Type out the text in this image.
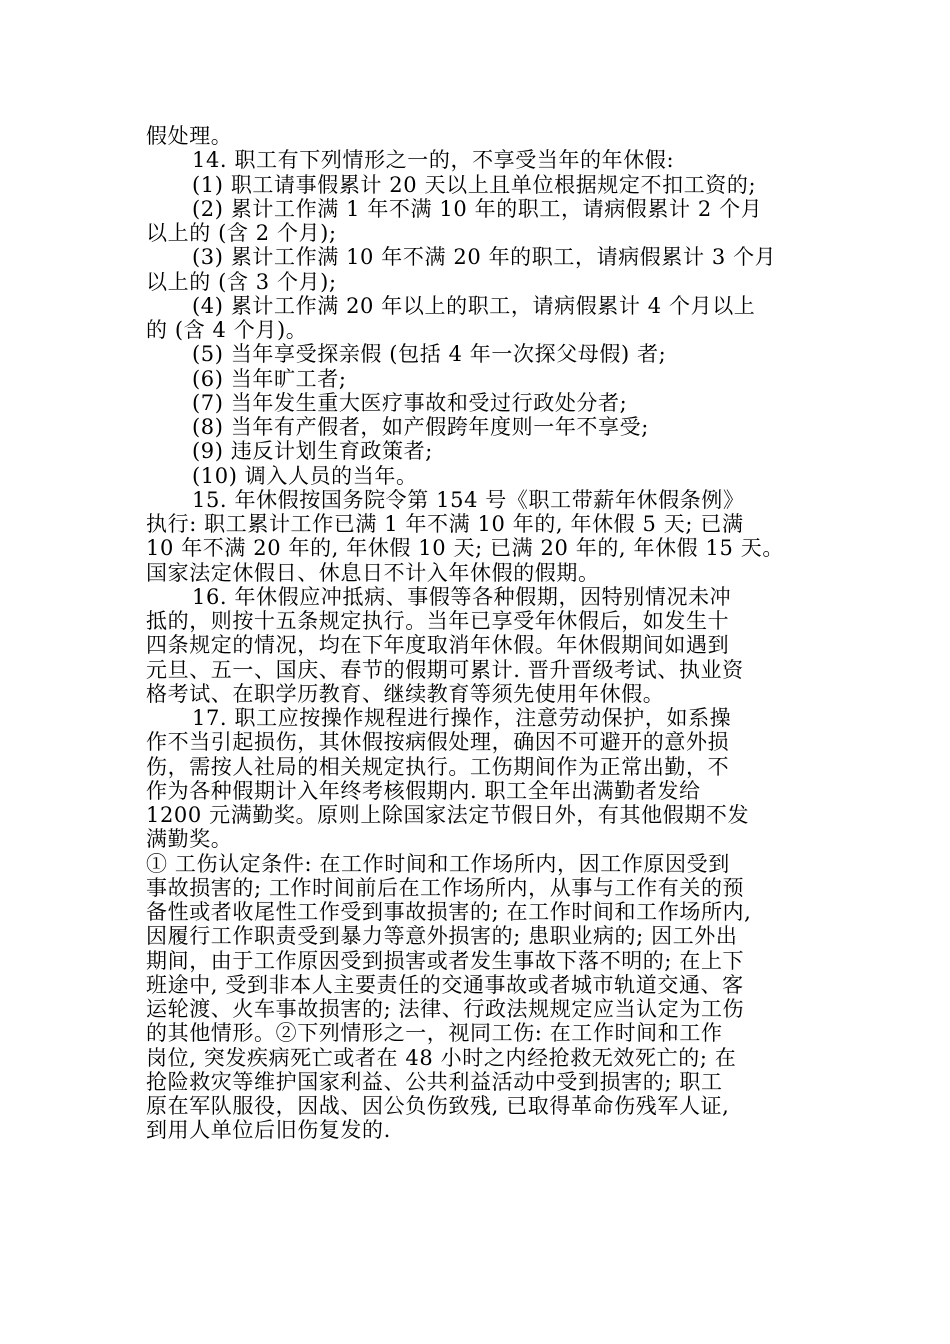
假处理。
14. 职工有下列情形之一的，不享受当年的年休假:
(1) 职工请事假累计 20 天以上且单位根据规定不扣工资的;
(2) 累计工作满 1 年不满 10 年的职工，请病假累计 2 个月
以上的 (含 2 个月);
(3) 累计工作满 10 年不满 20 年的职工，请病假累计 3 个月
以上的 (含 3 个月);
(4) 累计工作满 20 年以上的职工，请病假累计 4 个月以上
的 (含 4 个月)。
(5) 当年享受探亲假 (包括 4 年一次探父母假) 者;
(6) 当年旷工者;
(7) 当年发生重大医疗事故和受过行政处分者;
(8) 当年有产假者，如产假跨年度则一年不享受;
(9) 违反计划生育政策者;
(10) 调入人员的当年。
15. 年休假按国务院令第 154 号《职工带薪年休假条例》
执行: 职工累计工作已满 1 年不满 10 年的, 年休假 5 天; 已满
10 年不满 20 年的, 年休假 10 天; 已满 20 年的, 年休假 15 天。
国家法定休假日、休息日不计入年休假的假期。
16. 年休假应冲抵病、事假等各种假期，因特别情况未冲
抵的，则按十五条规定执行。当年已享受年休假后，如发生十
四条规定的情况，均在下年度取消年休假。年休假期间如遇到
元旦、五一、国庆、春节的假期可累计. 晋升晋级考试、执业资
格考试、在职学历教育、继续教育等须先使用年休假。
17. 职工应按操作规程进行操作，注意劳动保护，如系操
作不当引起损伤，其休假按病假处理，确因不可避开的意外损
伤，需按人社局的相关规定执行。工伤期间作为正常出勤，不
作为各种假期计入年终考核假期内. 职工全年出满勤者发给
1200 元满勤奖。原则上除国家法定节假日外，有其他假期不发
满勤奖。
① 工伤认定条件: 在工作时间和工作场所内，因工作原因受到
事故损害的; 工作时间前后在工作场所内，从事与工作有关的预
备性或者收尾性工作受到事故损害的; 在工作时间和工作场所内,
因履行工作职责受到暴力等意外损害的; 患职业病的; 因工外出
期间，由于工作原因受到损害或者发生事故下落不明的; 在上下
班途中, 受到非本人主要责任的交通事故或者城市轨道交通、客
运轮渡、火车事故损害的; 法律、行政法规规定应当认定为工伤
的其他情形。②下列情形之一，视同工伤: 在工作时间和工作
岗位, 突发疾病死亡或者在 48 小时之内经抢救无效死亡的; 在
抢险救灾等维护国家利益、公共利益活动中受到损害的; 职工
原在军队服役，因战、因公负伤致残, 已取得革命伤残军人证,
到用人单位后旧伤复发的.
